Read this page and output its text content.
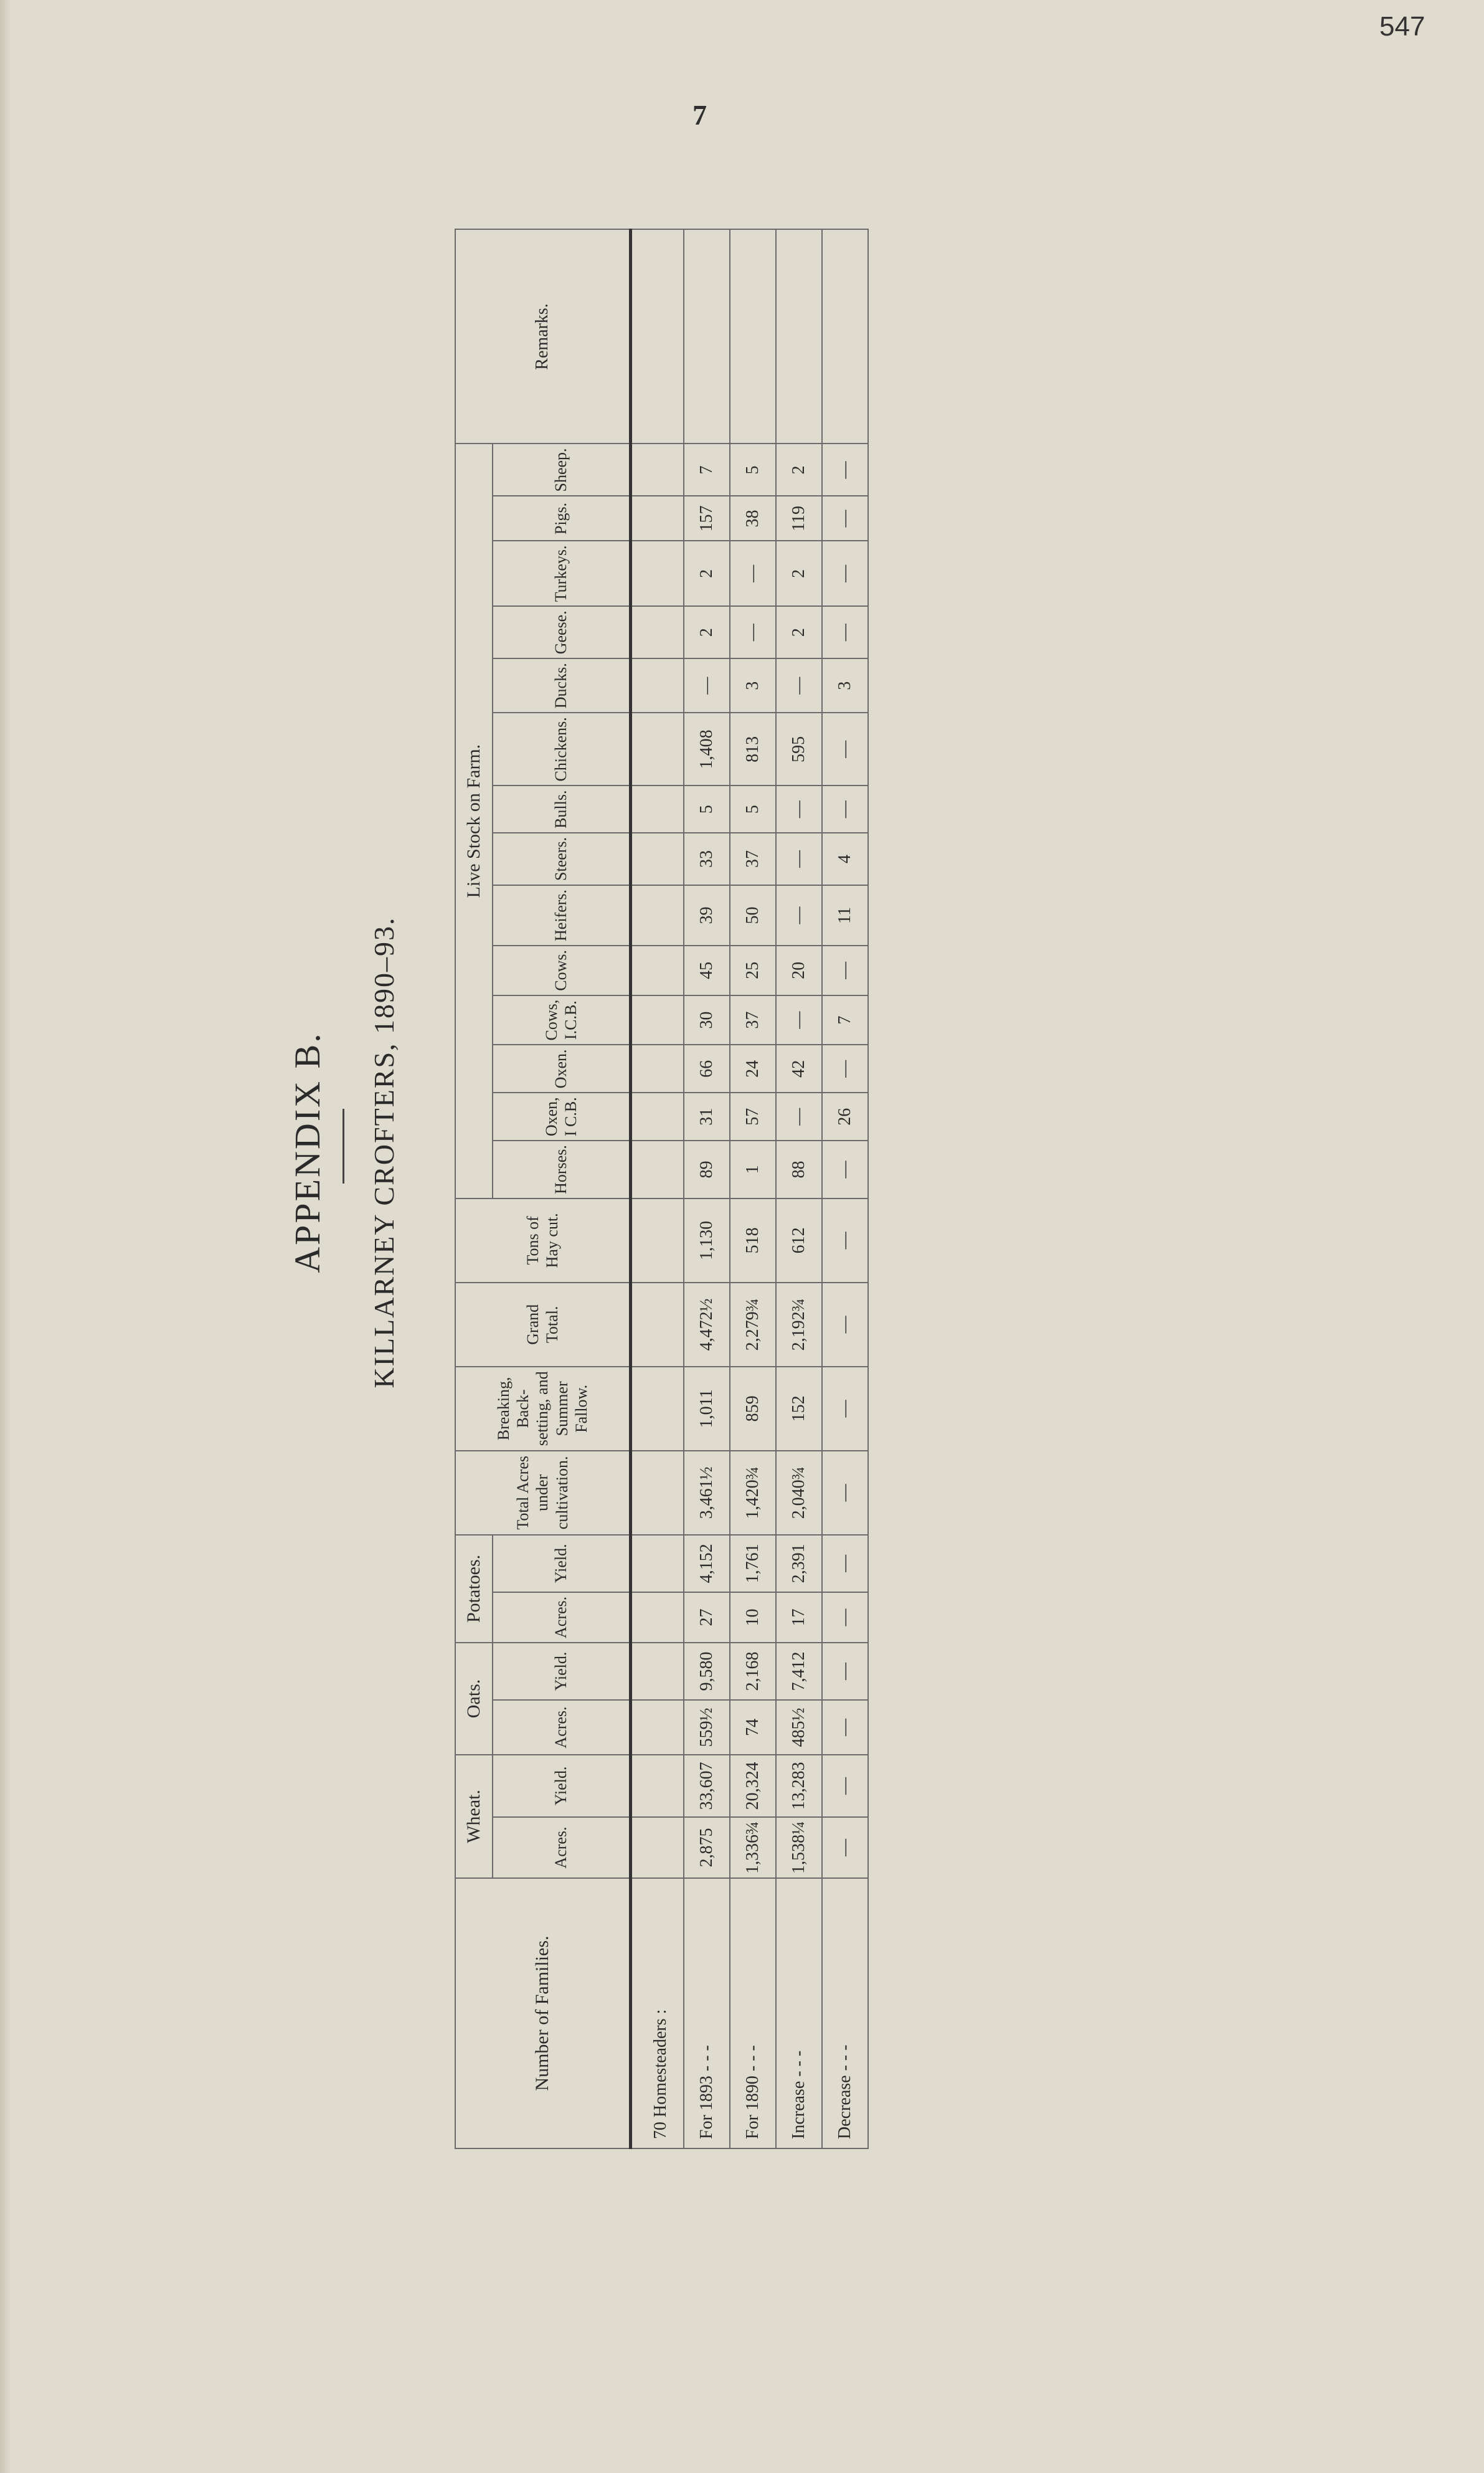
547
7
APPENDIX B. KILLARNEY CROFTERS, 1890–93.
Number of Families.	Wheat.		Oats.		Potatoes.		Total Acres under cultivation.	Breaking, Back-setting, and Summer Fallow.	Grand Total.	Tons of Hay cut.	Live Stock on Farm.														Remarks.
	Acres.	Yield.	Acres.	Yield.	Acres.	Yield.					Horses.	Oxen, I C.B.	Oxen.	Cows, I.C.B.	Cows.	Heifers.	Steers.	Bulls.	Chickens.	Ducks.	Geese.	Turkeys.	Pigs.	Sheep.	
70 Homesteaders :																									
For 1893 - - -	2,875	33,607	559½	9,580	27	4,152	3,461½	1,011	4,472½	1,130	89	31	66	30	45	39	33	5	1,408	—	2	2	157	7	
For 1890 - - -	1,336¾	20,324	74	2,168	10	1,761	1,420¾	859	2,279¾	518	1	57	24	37	25	50	37	5	813	3	—	—	38	5	
Increase - - -	1,538¼	13,283	485½	7,412	17	2,391	2,040¾	152	2,192¾	612	88	—	42	—	20	—	—	—	595	—	2	2	119	2	
Decrease - - -	—	—	—	—	—	—	—	—	—	—	—	26	—	7	—	11	4	—	—	3	—	—	—	—	
